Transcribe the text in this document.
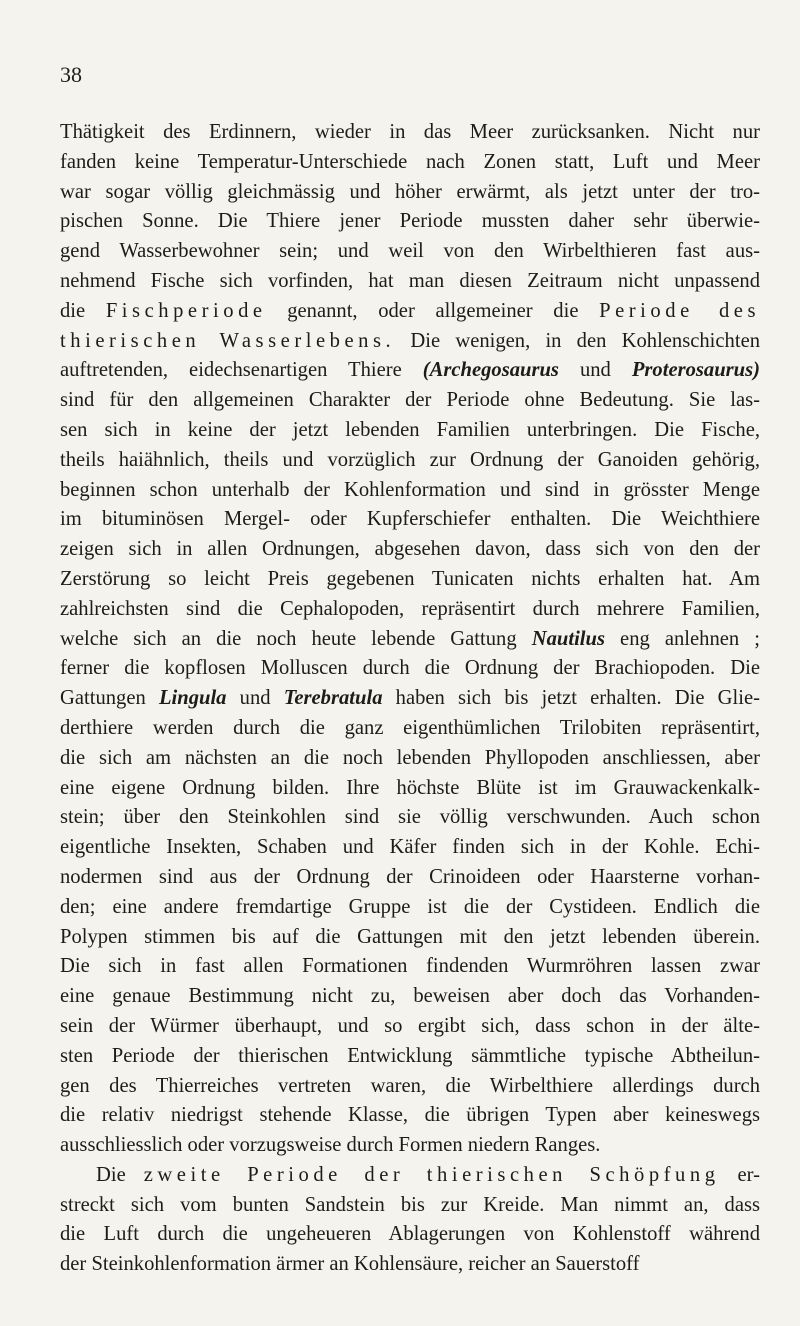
38
Thätigkeit des Erdinnern, wieder in das Meer zurücksanken. Nicht nur
fanden keine Temperatur-Unterschiede nach Zonen statt, Luft und Meer
war sogar völlig gleichmässig und höher erwärmt, als jetzt unter der tro-
pischen Sonne. Die Thiere jener Periode mussten daher sehr überwie-
gend Wasserbewohner sein; und weil von den Wirbelthieren fast aus-
nehmend Fische sich vorfinden, hat man diesen Zeitraum nicht unpassend
die Fischperiode genannt, oder allgemeiner die Periode des
thierischen Wasserlebens. Die wenigen, in den Kohlenschichten
auftretenden, eidechsenartigen Thiere (Archegosaurus und Proterosaurus)
sind für den allgemeinen Charakter der Periode ohne Bedeutung. Sie las-
sen sich in keine der jetzt lebenden Familien unterbringen. Die Fische,
theils haiähnlich, theils und vorzüglich zur Ordnung der Ganoiden gehörig,
beginnen schon unterhalb der Kohlenformation und sind in grösster Menge
im bituminösen Mergel- oder Kupferschiefer enthalten. Die Weichthiere
zeigen sich in allen Ordnungen, abgesehen davon, dass sich von den der
Zerstörung so leicht Preis gegebenen Tunicaten nichts erhalten hat. Am
zahlreichsten sind die Cephalopoden, repräsentirt durch mehrere Familien,
welche sich an die noch heute lebende Gattung Nautilus eng anlehnen ;
ferner die kopflosen Molluscen durch die Ordnung der Brachiopoden. Die
Gattungen Lingula und Terebratula haben sich bis jetzt erhalten. Die Glie-
derthiere werden durch die ganz eigenthümlichen Trilobiten repräsentirt,
die sich am nächsten an die noch lebenden Phyllopoden anschliessen, aber
eine eigene Ordnung bilden. Ihre höchste Blüte ist im Grauwackenkalk-
stein; über den Steinkohlen sind sie völlig verschwunden. Auch schon
eigentliche Insekten, Schaben und Käfer finden sich in der Kohle. Echi-
nodermen sind aus der Ordnung der Crinoideen oder Haarsterne vorhan-
den; eine andere fremdartige Gruppe ist die der Cystideen. Endlich die
Polypen stimmen bis auf die Gattungen mit den jetzt lebenden überein.
Die sich in fast allen Formationen findenden Wurmröhren lassen zwar
eine genaue Bestimmung nicht zu, beweisen aber doch das Vorhanden-
sein der Würmer überhaupt, und so ergibt sich, dass schon in der älte-
sten Periode der thierischen Entwicklung sämmtliche typische Abtheilun-
gen des Thierreiches vertreten waren, die Wirbelthiere allerdings durch
die relativ niedrigst stehende Klasse, die übrigen Typen aber keineswegs
ausschliesslich oder vorzugsweise durch Formen niedern Ranges.
Die zweite Periode der thierischen Schöpfung er-
streckt sich vom bunten Sandstein bis zur Kreide. Man nimmt an, dass
die Luft durch die ungeheueren Ablagerungen von Kohlenstoff während
der Steinkohlenformation ärmer an Kohlensäure, reicher an Sauerstoff
